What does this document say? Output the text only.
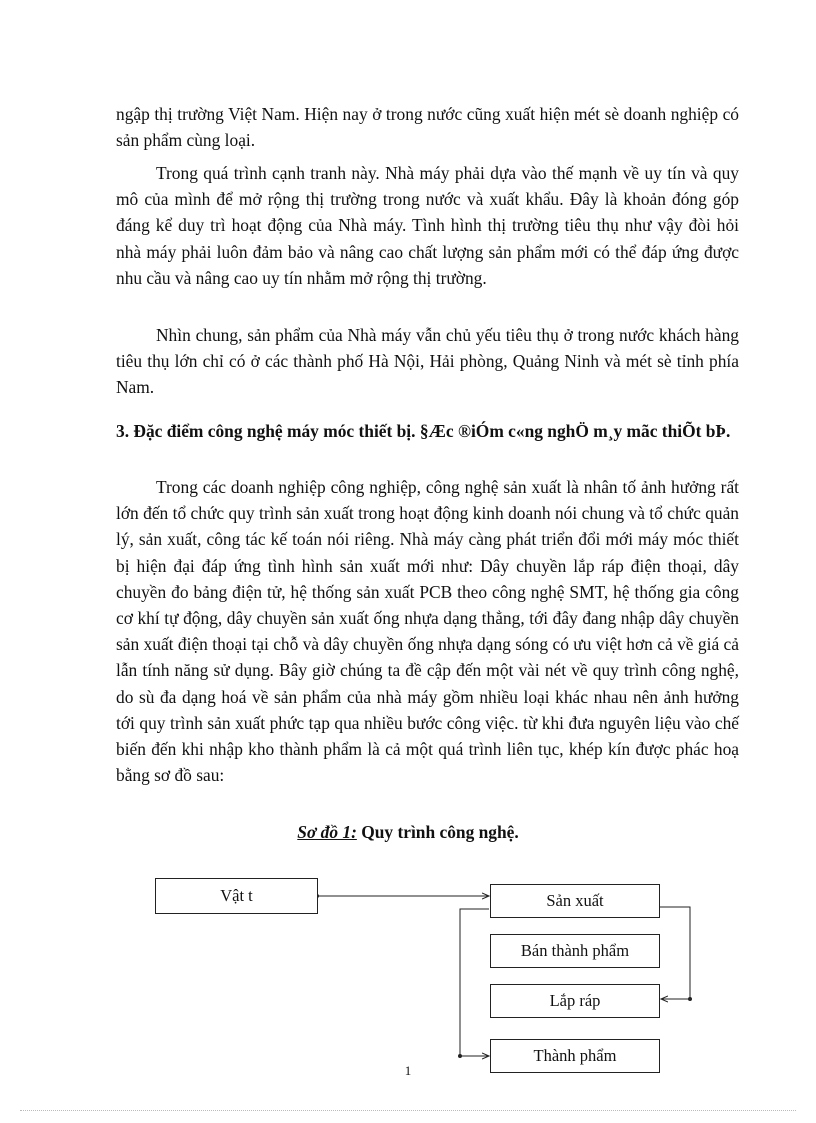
ngập thị trường Việt Nam. Hiện nay ở trong nước cũng xuất hiện mét sè doanh nghiệp có sản phẩm cùng loại.

Trong quá trình cạnh tranh này. Nhà máy phải dựa vào thế mạnh về uy tín và quy mô của mình để mở rộng thị trường trong nước và xuất khẩu. Đây là khoản đóng góp đáng kể duy trì hoạt động của Nhà máy. Tình hình thị trường tiêu thụ như vậy đòi hỏi nhà máy phải luôn đảm bảo và nâng cao chất lượng sản phẩm mới có thể đáp ứng được nhu cầu và nâng cao uy tín nhằm mở rộng thị trường.

Nhìn chung, sản phẩm của Nhà máy vẫn chủ yếu tiêu thụ ở trong nước khách hàng tiêu thụ lớn chỉ có ở các thành phố Hà Nội, Hải phòng, Quảng Ninh và mét sè tỉnh phía Nam.

3. Đặc điểm công nghệ máy móc thiết bị. §Æc ®iÓm c«ng nghÖ m¸y mãc thiÕt bÞ.

Trong các doanh nghiệp công nghiệp, công nghệ sản xuất là nhân tố ảnh hưởng rất lớn đến tổ chức quy trình sản xuất trong hoạt động kinh doanh nói chung và tổ chức quản lý, sản xuất, công tác kế toán nói riêng. Nhà máy càng phát triển đổi mới máy móc thiết bị hiện đại đáp ứng tình hình sản xuất mới như: Dây chuyền lắp ráp điện thoại, dây chuyền đo bảng điện tử, hệ thống sản xuất PCB theo công nghệ SMT, hệ thống gia công cơ khí tự động, dây chuyền sản xuất ống nhựa dạng thẳng, tới đây đang nhập dây chuyền sản xuất điện thoại tại chỗ và dây chuyền ống nhựa dạng sóng có ưu việt hơn cả về giá cả lẫn tính năng sử dụng. Bây giờ chúng ta đề cập đến một vài nét về quy trình công nghệ, do sù đa dạng hoá về sản phẩm của nhà máy gồm nhiều loại khác nhau nên ảnh hưởng tới quy trình sản xuất phức tạp qua nhiều bước công việc. từ khi đưa nguyên liệu vào chế biến đến khi nhập kho thành phẩm là cả một quá trình liên tục, khép kín được phác hoạ bằng sơ đồ sau:

Sơ đồ 1: Quy trình công nghệ.

Vật t	Sản xuất
Bán thành phẩm
Lắp ráp
Thành phẩm
1
